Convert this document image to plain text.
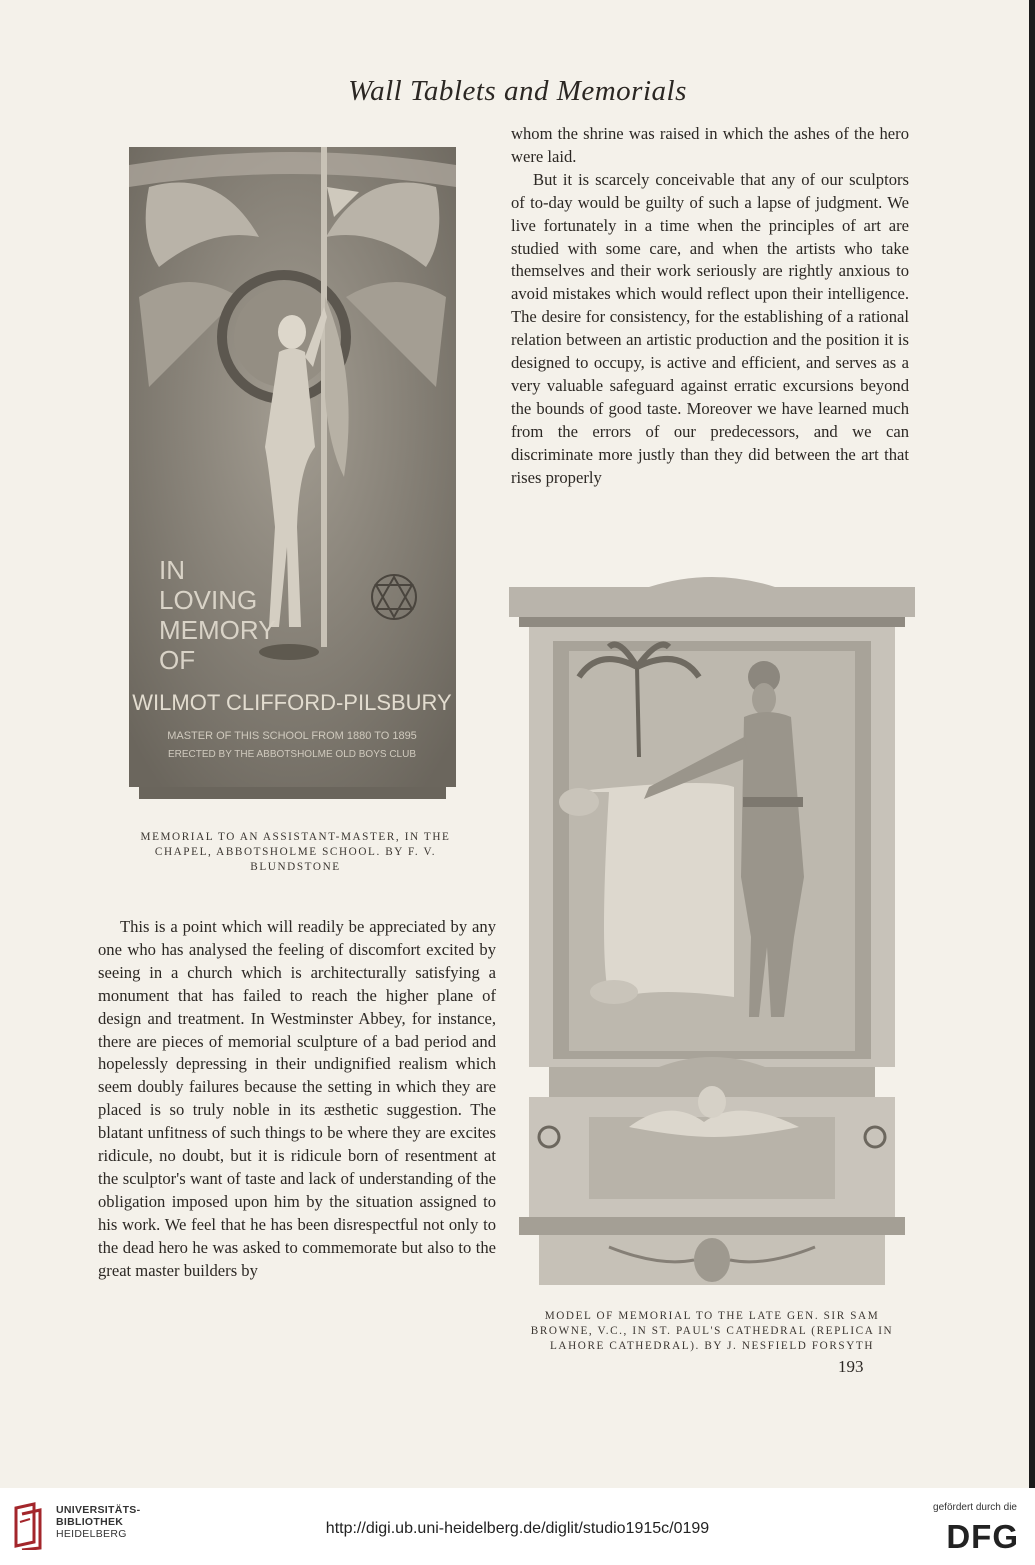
Wall Tablets and Memorials
IN
LOVING
MEMORY
OF
WILMOT CLIFFORD-PILSBURY
MASTER OF THIS SCHOOL FROM 1880 TO 1895
ERECTED BY THE ABBOTSHOLME OLD BOYS CLUB

whom the shrine was raised in which the ashes of the hero were laid.

But it is scarcely conceivable that any of our sculptors of to-day would be guilty of such a lapse of judgment. We live fortunately in a time when the principles of art are studied with some care, and when the artists who take themselves and their work seriously are rightly anxious to avoid mistakes which would reflect upon their intelligence. The desire for consistency, for the establishing of a rational relation between an artistic production and the position it is designed to occupy, is active and efficient, and serves as a very valuable safeguard against erratic excursions beyond the bounds of good taste. Moreover we have learned much from the errors of our predecessors, and we can discriminate more justly than they did between the art that rises properly

MEMORIAL TO AN ASSISTANT-MASTER, IN THE CHAPEL, ABBOTSHOLME SCHOOL. BY F. V. BLUNDSTONE

This is a point which will readily be appreciated by any one who has analysed the feeling of discomfort excited by seeing in a church which is architecturally satisfying a monument that has failed to reach the higher plane of design and treatment. In Westminster Abbey, for instance, there are pieces of memorial sculpture of a bad period and hopelessly depressing in their undignified realism which seem doubly failures because the setting in which they are placed is so truly noble in its æsthetic suggestion. The blatant unfitness of such things to be where they are excites ridicule, no doubt, but it is ridicule born of resentment at the sculptor's want of taste and lack of understanding of the obligation imposed upon him by the situation assigned to his work. We feel that he has been disrespectful not only to the dead hero he was asked to commemorate but also to the great master builders by

MODEL OF MEMORIAL TO THE LATE GEN. SIR SAM BROWNE, V.C., IN ST. PAUL'S CATHEDRAL (REPLICA IN LAHORE CATHEDRAL). BY J. NESFIELD FORSYTH
193
UNIVERSITÄTS-
BIBLIOTHEK
HEIDELBERG	http://digi.ub.uni-heidelberg.de/diglit/studio1915c/0199
gefördert durch die
DFG
